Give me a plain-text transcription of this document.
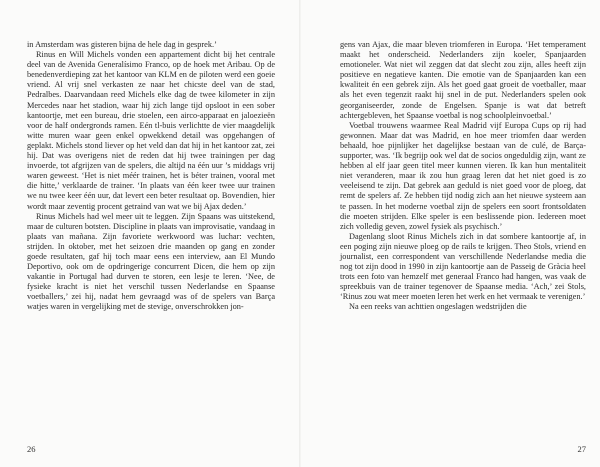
in Amsterdam was gisteren bijna de hele dag in gesprek.’

Rinus en Will Michels vonden een appartement dicht bij het centrale deel van de Avenida Generalísimo Franco, op de hoek met Aribau. Op de benedenverdieping zat het kantoor van KLM en de piloten werd een goeie vriend. Al vrij snel verkasten ze naar het chicste deel van de stad, Pedralbes. Daarvandaan reed Michels elke dag de twee kilometer in zijn Mercedes naar het stadion, waar hij zich lange tijd opsloot in een sober kantoortje, met een bureau, drie stoelen, een airco-apparaat en jaloezieën voor de half ondergronds ramen. Eén tl-buis verlichtte de vier maagdelijk witte muren waar geen enkel opwekkend detail was opgehangen of geplakt. Michels stond liever op het veld dan dat hij in het kantoor zat, zei hij. Dat was overigens niet de reden dat hij twee trainingen per dag invoerde, tot afgrijzen van de spelers, die altijd na één uur ’s middags vrij waren geweest. ‘Het is niet méér trainen, het is béter trainen, vooral met die hitte,’ verklaarde de trainer. ‘In plaats van één keer twee uur trainen we nu twee keer één uur, dat levert een beter resultaat op. Bovendien, hier wordt maar zeventig procent getraind van wat we bij Ajax deden.’

Rinus Michels had wel meer uit te leggen. Zijn Spaans was uitstekend, maar de culturen botsten. Discipline in plaats van improvisatie, vandaag in plaats van mañana. Zijn favoriete werkwoord was luchar: vechten, strijden. In oktober, met het seizoen drie maanden op gang en zonder goede resultaten, gaf hij toch maar eens een interview, aan El Mundo Deportivo, ook om de opdringerige concurrent Dicen, die hem op zijn vakantie in Portugal had durven te storen, een lesje te leren. ‘Nee, de fysieke kracht is niet het verschil tussen Nederlandse en Spaanse voetballers,’ zei hij, nadat hem gevraagd was of de spelers van Barça watjes waren in vergelijking met de stevige, onverschrokken jon-

26

gens van Ajax, die maar bleven triomferen in Europa. ‘Het temperament maakt het onderscheid. Nederlanders zijn koeler, Spanjaarden emotioneler. Wat niet wil zeggen dat dat slecht zou zijn, alles heeft zijn positieve en negatieve kanten. Die emotie van de Spanjaarden kan een kwaliteit én een gebrek zijn. Als het goed gaat groeit de voetballer, maar als het even tegenzit raakt hij snel in de put. Nederlanders spelen ook georganiseerder, zonde de Engelsen. Spanje is wat dat betreft achtergebleven, het Spaanse voetbal is nog schoolpleinvoetbal.’

Voetbal trouwens waarmee Real Madrid vijf Europa Cups op rij had gewonnen. Maar dat was Madrid, en hoe meer triomfen daar werden behaald, hoe pijnlijker het dagelijkse bestaan van de culé, de Barça-supporter, was. ‘Ik begrijp ook wel dat de socios ongeduldig zijn, want ze hebben al elf jaar geen titel meer kunnen vieren. Ik kan hun mentaliteit niet veranderen, maar ik zou hun graag leren dat het niet goed is zo veeleisend te zijn. Dat gebrek aan geduld is niet goed voor de ploeg, dat remt de spelers af. Ze hebben tijd nodig zich aan het nieuwe systeem aan te passen. In het moderne voetbal zijn de spelers een soort frontsoldaten die moeten strijden. Elke speler is een beslissende pion. Iedereen moet zich volledig geven, zowel fysiek als psychisch.’

Dagenlang sloot Rinus Michels zich in dat sombere kantoortje af, in een poging zijn nieuwe ploeg op de rails te krijgen. Theo Stols, vriend en journalist, een correspondent van verschillende Nederlandse media die nog tot zijn dood in 1990 in zijn kantoortje aan de Passeig de Gràcia heel trots een foto van hemzelf met generaal Franco had hangen, was vaak de spreekbuis van de trainer tegenover de Spaanse media. ‘Ach,’ zei Stols, ‘Rinus zou wat meer moeten leren het werk en het vermaak te verenigen.’

Na een reeks van achttien ongeslagen wedstrijden die

27
